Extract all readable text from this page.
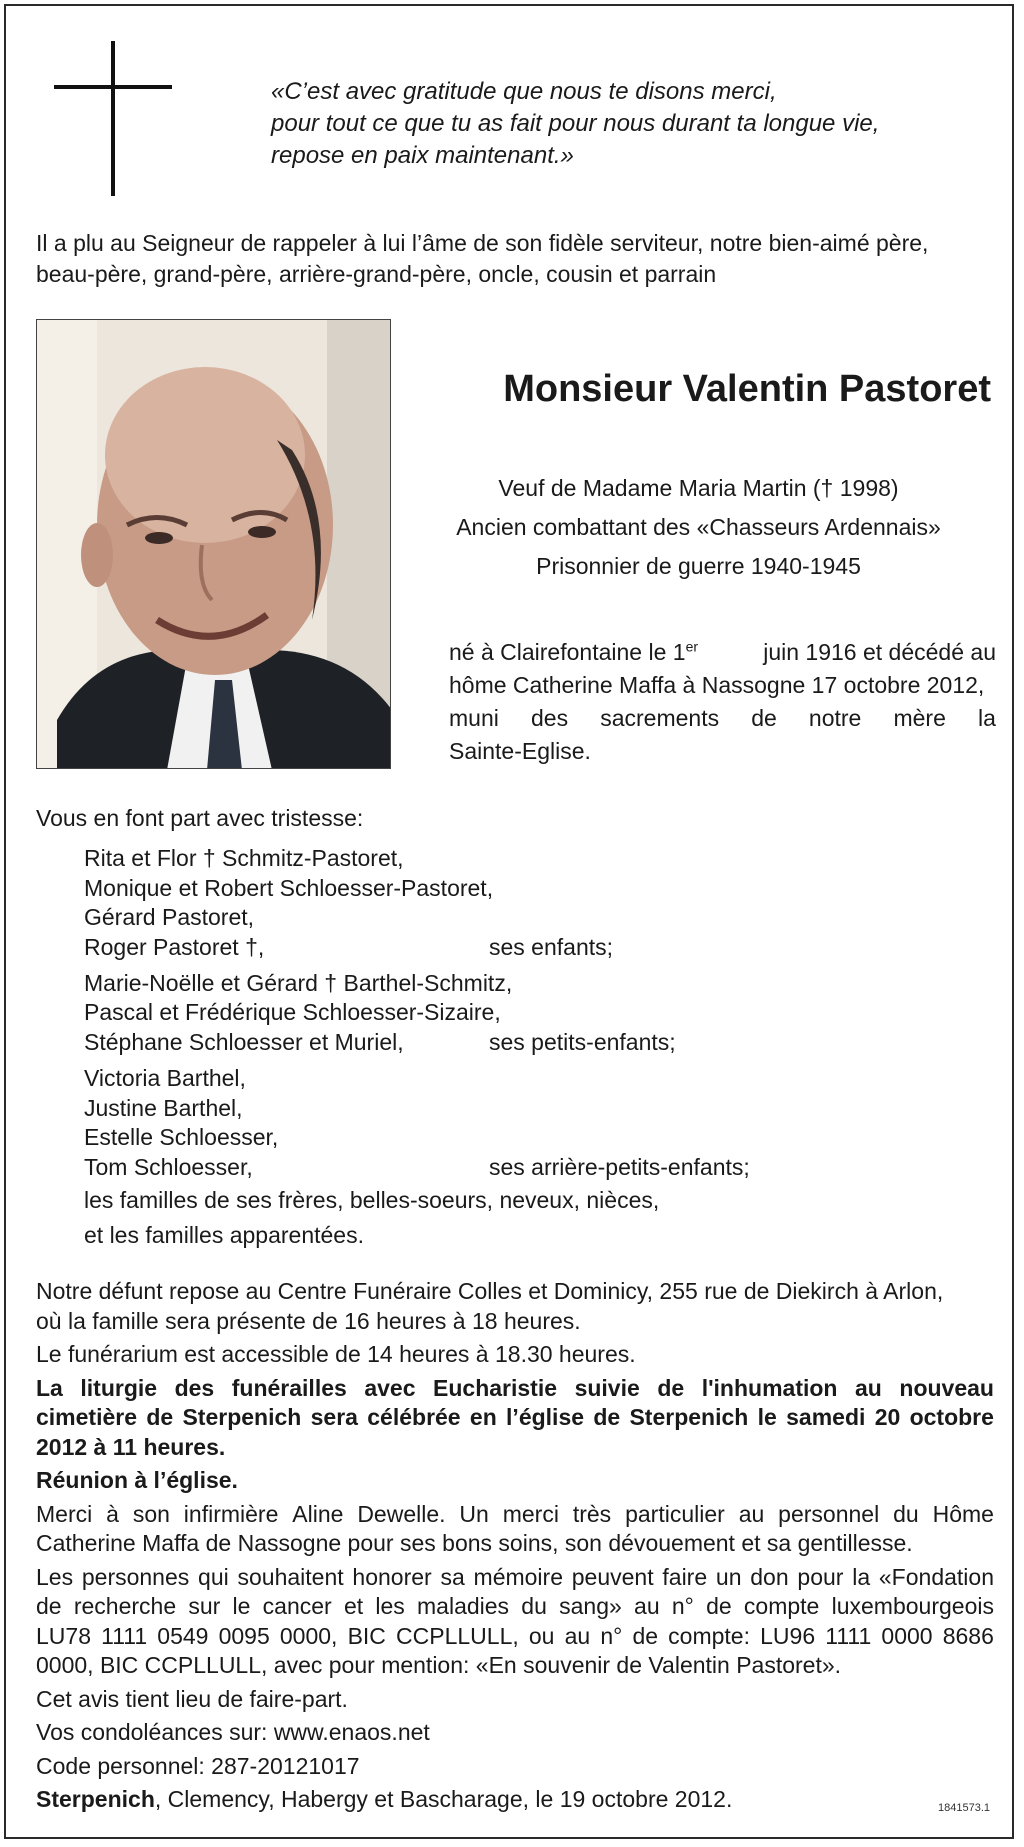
«C’est avec gratitude que nous te disons merci,
pour tout ce que tu as fait pour nous durant ta longue vie,
repose en paix maintenant.»
Il a plu au Seigneur de rappeler à lui l’âme de son fidèle serviteur, notre bien-aimé père,
beau-père, grand-père, arrière-grand-père, oncle, cousin et parrain
Monsieur Valentin Pastoret
Veuf de Madame Maria Martin († 1998)
Ancien combattant des «Chasseurs Ardennais»
Prisonnier de guerre 1940-1945
né à Clairefontaine le 1er	juin 1916 et décédé au
hôme Catherine Maffa à Nassogne 17 octobre 2012,
muni des sacrements de notre mère la
Sainte-Eglise.
Vous en font part avec tristesse:
Rita et Flor † Schmitz-Pastoret,
Monique et Robert Schloesser-Pastoret,
Gérard Pastoret,
Roger Pastoret †,	ses enfants;
Marie-Noëlle et Gérard † Barthel-Schmitz,
Pascal et Frédérique Schloesser-Sizaire,
Stéphane Schloesser et Muriel,	ses petits-enfants;
Victoria Barthel,
Justine Barthel,
Estelle Schloesser,
Tom Schloesser,	ses arrière-petits-enfants;
les familles de ses frères, belles-soeurs, neveux, nièces,
et les familles apparentées.
Notre défunt repose au Centre Funéraire Colles et Dominicy, 255 rue de Diekirch à Arlon,
où la famille sera présente de 16 heures à 18 heures.
Le funérarium est accessible de 14 heures à 18.30 heures.
La liturgie des funérailles avec Eucharistie suivie de l'inhumation au nouveau
cimetière de Sterpenich sera célébrée en l’église de Sterpenich le samedi 20 octobre
2012 à 11 heures.
Réunion à l’église.
Merci à son infirmière Aline Dewelle. Un merci très particulier au personnel du Hôme
Catherine Maffa de Nassogne pour ses bons soins, son dévouement et sa gentillesse.
Les personnes qui souhaitent honorer sa mémoire peuvent faire un don pour la «Fondation
de recherche sur le cancer et les maladies du sang» au n° de compte luxembourgeois
LU78 1111 0549 0095 0000, BIC CCPLLULL, ou au n° de compte: LU96 1111 0000 8686
0000, BIC CCPLLULL, avec pour mention: «En souvenir de Valentin Pastoret».
Cet avis tient lieu de faire-part.
Vos condoléances sur: www.enaos.net
Code personnel: 287-20121017
Sterpenich, Clemency, Habergy et Bascharage, le 19 octobre 2012.	1841573.1
